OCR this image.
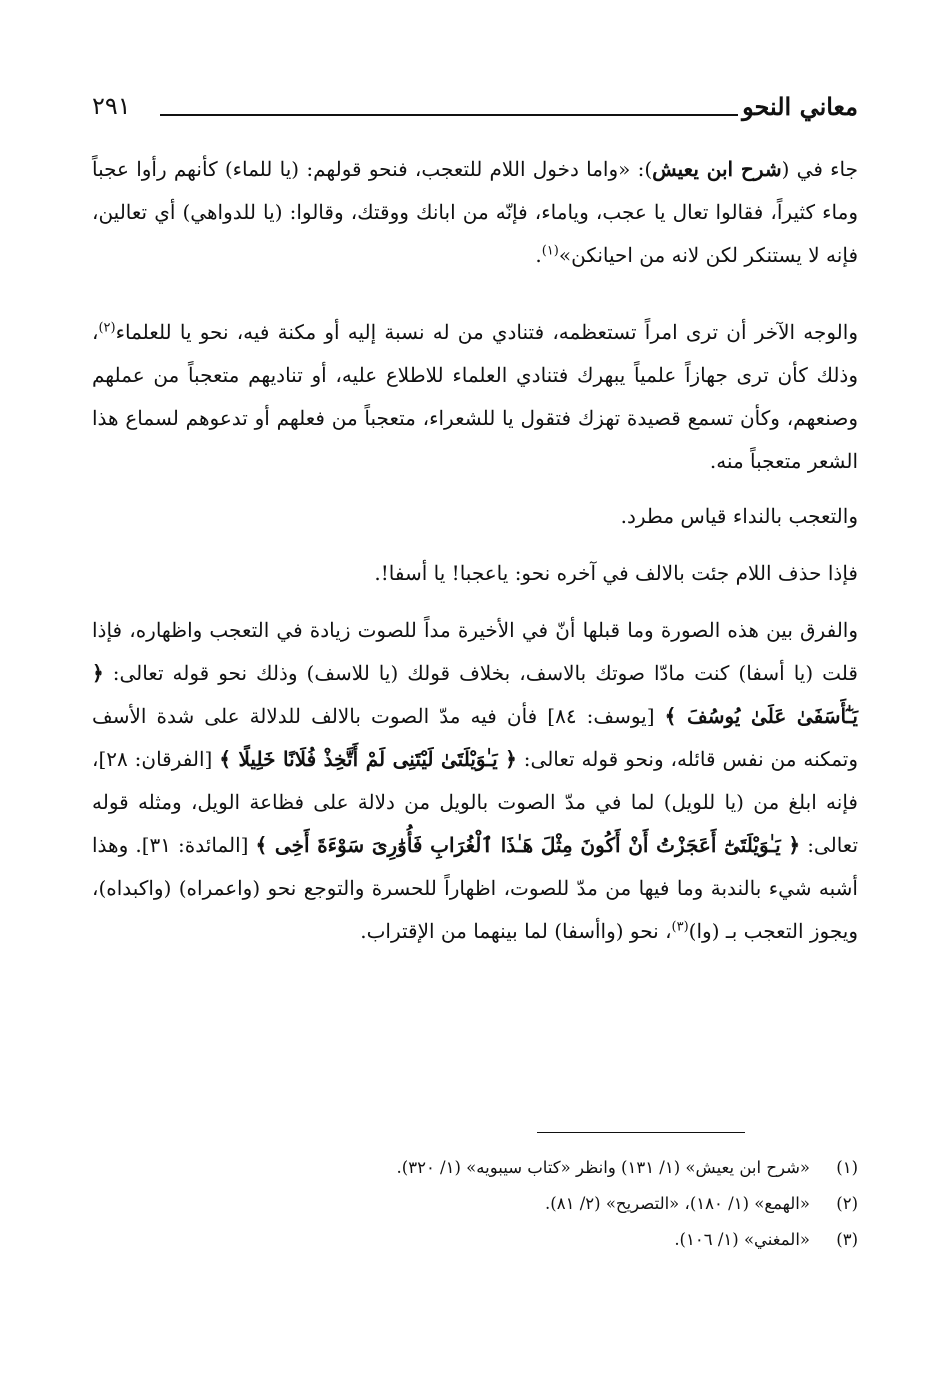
معاني النحو
٢٩١

جاء في (شرح ابن يعيش): «واما دخول اللام للتعجب، فنحو قولهم: (يا للماء) كأنهم رأوا عجباً وماء كثيراً، فقالوا تعال يا عجب، وياماء، فإنّه من ابانك ووقتك، وقالوا: (يا للدواهي) أي تعالين، فإنه لا يستنكر لكن لانه من احيانكن»$^{(١)}$.

والوجه الآخر أن ترى امراً تستعظمه، فتنادي من له نسبة إليه أو مكنة فيه، نحو يا للعلماء$^{(٢)}$، وذلك كأن ترى جهازاً علمياً يبهرك فتنادي العلماء للاطلاع عليه، أو تناديهم متعجباً من عملهم وصنعهم، وكأن تسمع قصيدة تهزك فتقول يا للشعراء، متعجباً من فعلهم أو تدعوهم لسماع هذا الشعر متعجباً منه.

والتعجب بالنداء قياس مطرد.

فإذا حذف اللام جئت بالالف في آخره نحو: ياعجبا! يا أسفا!.

والفرق بين هذه الصورة وما قبلها أنّ في الأخيرة مداً للصوت زيادة في التعجب واظهاره، فإذا قلت (يا أسفا) كنت مادّا صوتك بالاسف، بخلاف قولك (يا للاسف) وذلك نحو قوله تعالى: ﴿ يَـٰٓأَسَفَىٰ عَلَىٰ يُوسُفَ ﴾ [يوسف: ٨٤] فأن فيه مدّ الصوت بالالف للدلالة على شدة الأسف وتمكنه من نفس قائله، ونحو قوله تعالى: ﴿ يَـٰوَيْلَتَىٰ لَيْتَنِى لَمْ أَتَّخِذْ فُلَانًا خَلِيلًا ﴾ [الفرقان: ٢٨]، فإنه ابلغ من (يا للويل) لما في مدّ الصوت بالويل من دلالة على فظاعة الويل، ومثله قوله تعالى: ﴿ يَـٰوَيْلَتَىٰٓ أَعَجَزْتُ أَنْ أَكُونَ مِثْلَ هَـٰذَا ٱلْغُرَابِ فَأُوَٰرِىَ سَوْءَةَ أَخِى ﴾ [المائدة: ٣١]. وهذا أشبه شيء بالندبة وما فيها من مدّ للصوت، اظهاراً للحسرة والتوجع نحو (واعمراه) (واكبداه)، ويجوز التعجب بـ (وا)$^{(٣)}$، نحو (واأسفا) لما بينهما من الإقتراب.

(١)
«شرح ابن يعيش» (١/ ١٣١) وانظر «كتاب سيبويه» (١/ ٣٢٠).
(٢)
«الهمع» (١/ ١٨٠)، «التصريح» (٢/ ٨١).
(٣)
«المغني» (١/ ١٠٦).
